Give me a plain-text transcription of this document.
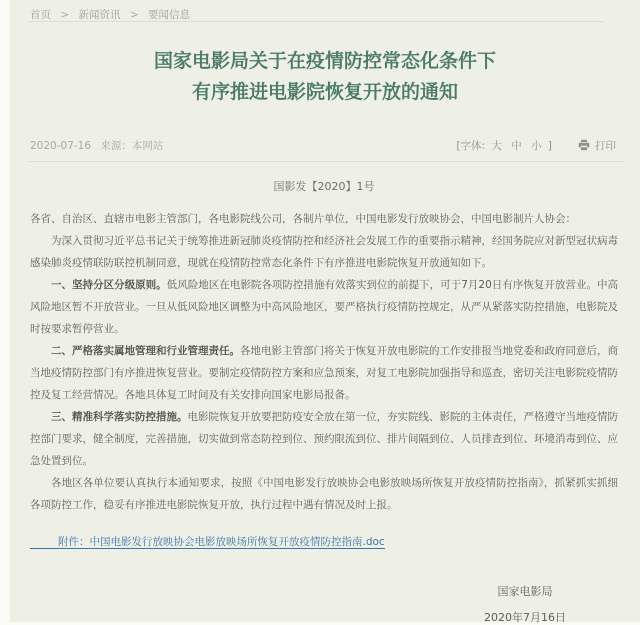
首页 > 新闻资讯 > 要闻信息
国家电影局关于在疫情防控常态化条件下
有序推进电影院恢复开放的通知
2020-07-16 来源：本网站	[字体: 大 中 小 ]	打印
国影发【2020】1号

各省、自治区、直辖市电影主管部门，各电影院线公司，各制片单位，中国电影发行放映协会，中国电影制片人协会：

为深入贯彻习近平总书记关于统筹推进新冠肺炎疫情防控和经济社会发展工作的重要指示精神，经国务院应对新型冠状病毒感染肺炎疫情联防联控机制同意，现就在疫情防控常态化条件下有序推进电影院恢复开放通知如下。

一、坚持分区分级原则。低风险地区在电影院各项防控措施有效落实到位的前提下，可于7月20日有序恢复开放营业。中高风险地区暂不开放营业。一旦从低风险地区调整为中高风险地区，要严格执行疫情防控规定，从严从紧落实防控措施，电影院及时按要求暂停营业。

二、严格落实属地管理和行业管理责任。各地电影主管部门将关于恢复开放电影院的工作安排报当地党委和政府同意后，商当地疫情防控部门有序推进恢复营业。要制定疫情防控方案和应急预案，对复工电影院加强指导和巡查，密切关注电影院疫情防控及复工经营情况。各地具体复工时间及有关安排向国家电影局报备。

三、精准科学落实防控措施。电影院恢复开放要把防疫安全放在第一位，夯实院线、影院的主体责任，严格遵守当地疫情防控部门要求，健全制度，完善措施，切实做到常态防控到位、预约限流到位、排片间隔到位、人员排查到位、环境消毒到位、应急处置到位。

各地区各单位要认真执行本通知要求，按照《中国电影发行放映协会电影放映场所恢复开放疫情防控指南》，抓紧抓实抓细各项防控工作，稳妥有序推进电影院恢复开放，执行过程中遇有情况及时上报。

附件：中国电影发行放映协会电影放映场所恢复开放疫情防控指南.doc

国家电影局
2020年7月16日
